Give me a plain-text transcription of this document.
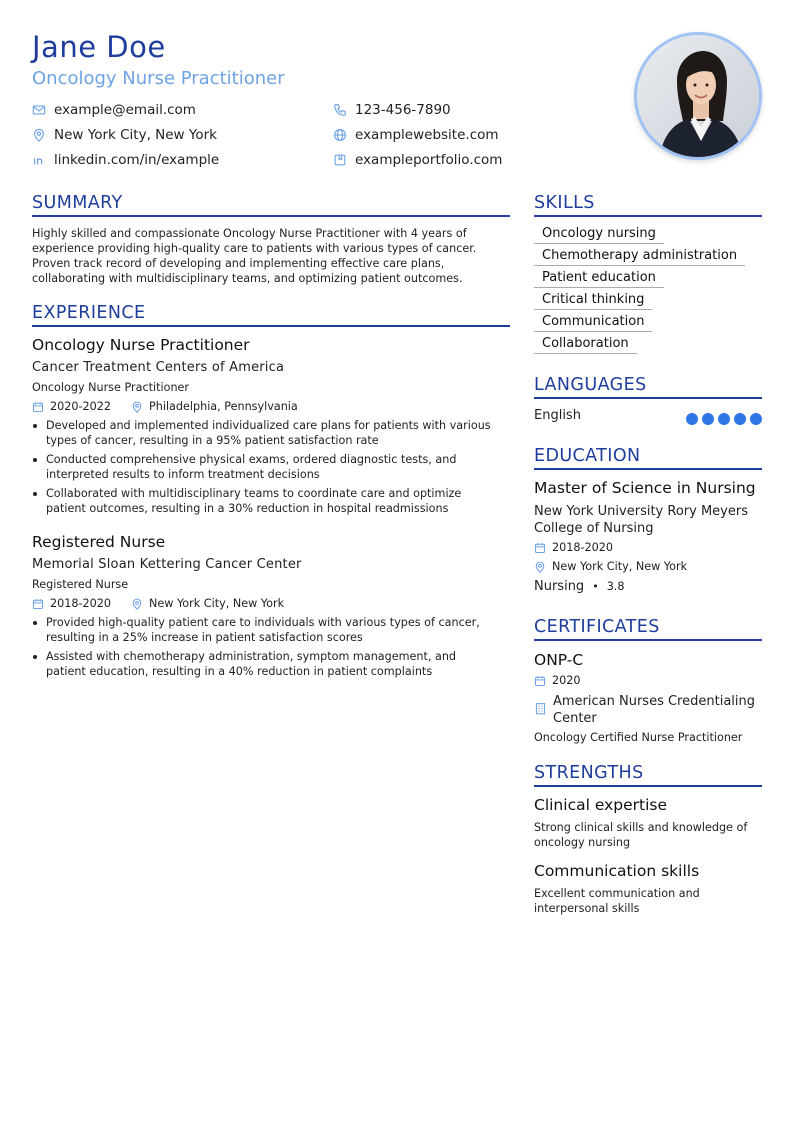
Jane Doe
Oncology Nurse Practitioner
example@email.com	123-456-7890
New York City, New York	examplewebsite.com
linkedin.com/in/example	exampleportfolio.com
SUMMARY

Highly skilled and compassionate Oncology Nurse Practitioner with 4 years of experience providing high-quality care to patients with various types of cancer. Proven track record of developing and implementing effective care plans, collaborating with multidisciplinary teams, and optimizing patient outcomes.

EXPERIENCE
Oncology Nurse Practitioner
Cancer Treatment Centers of America
Oncology Nurse Practitioner
2020-2022	Philadelphia, Pennsylvania
Developed and implemented individualized care plans for patients with various types of cancer, resulting in a 95% patient satisfaction rate
Conducted comprehensive physical exams, ordered diagnostic tests, and interpreted results to inform treatment decisions
Collaborated with multidisciplinary teams to coordinate care and optimize patient outcomes, resulting in a 30% reduction in hospital readmissions
Registered Nurse
Memorial Sloan Kettering Cancer Center
Registered Nurse
2018-2020	New York City, New York
Provided high-quality patient care to individuals with various types of cancer, resulting in a 25% increase in patient satisfaction scores
Assisted with chemotherapy administration, symptom management, and patient education, resulting in a 40% reduction in patient complaints
SKILLS
Oncology nursing
Chemotherapy administration
Patient education
Critical thinking
Communication
Collaboration
LANGUAGES
English
EDUCATION
Master of Science in Nursing
New York University Rory Meyers College of Nursing
2018-2020
New York City, New York
Nursing • 3.8
CERTIFICATES
ONP-C
2020
American Nurses Credentialing Center
Oncology Certified Nurse Practitioner
STRENGTHS
Clinical expertise
Strong clinical skills and knowledge of oncology nursing
Communication skills
Excellent communication and interpersonal skills
